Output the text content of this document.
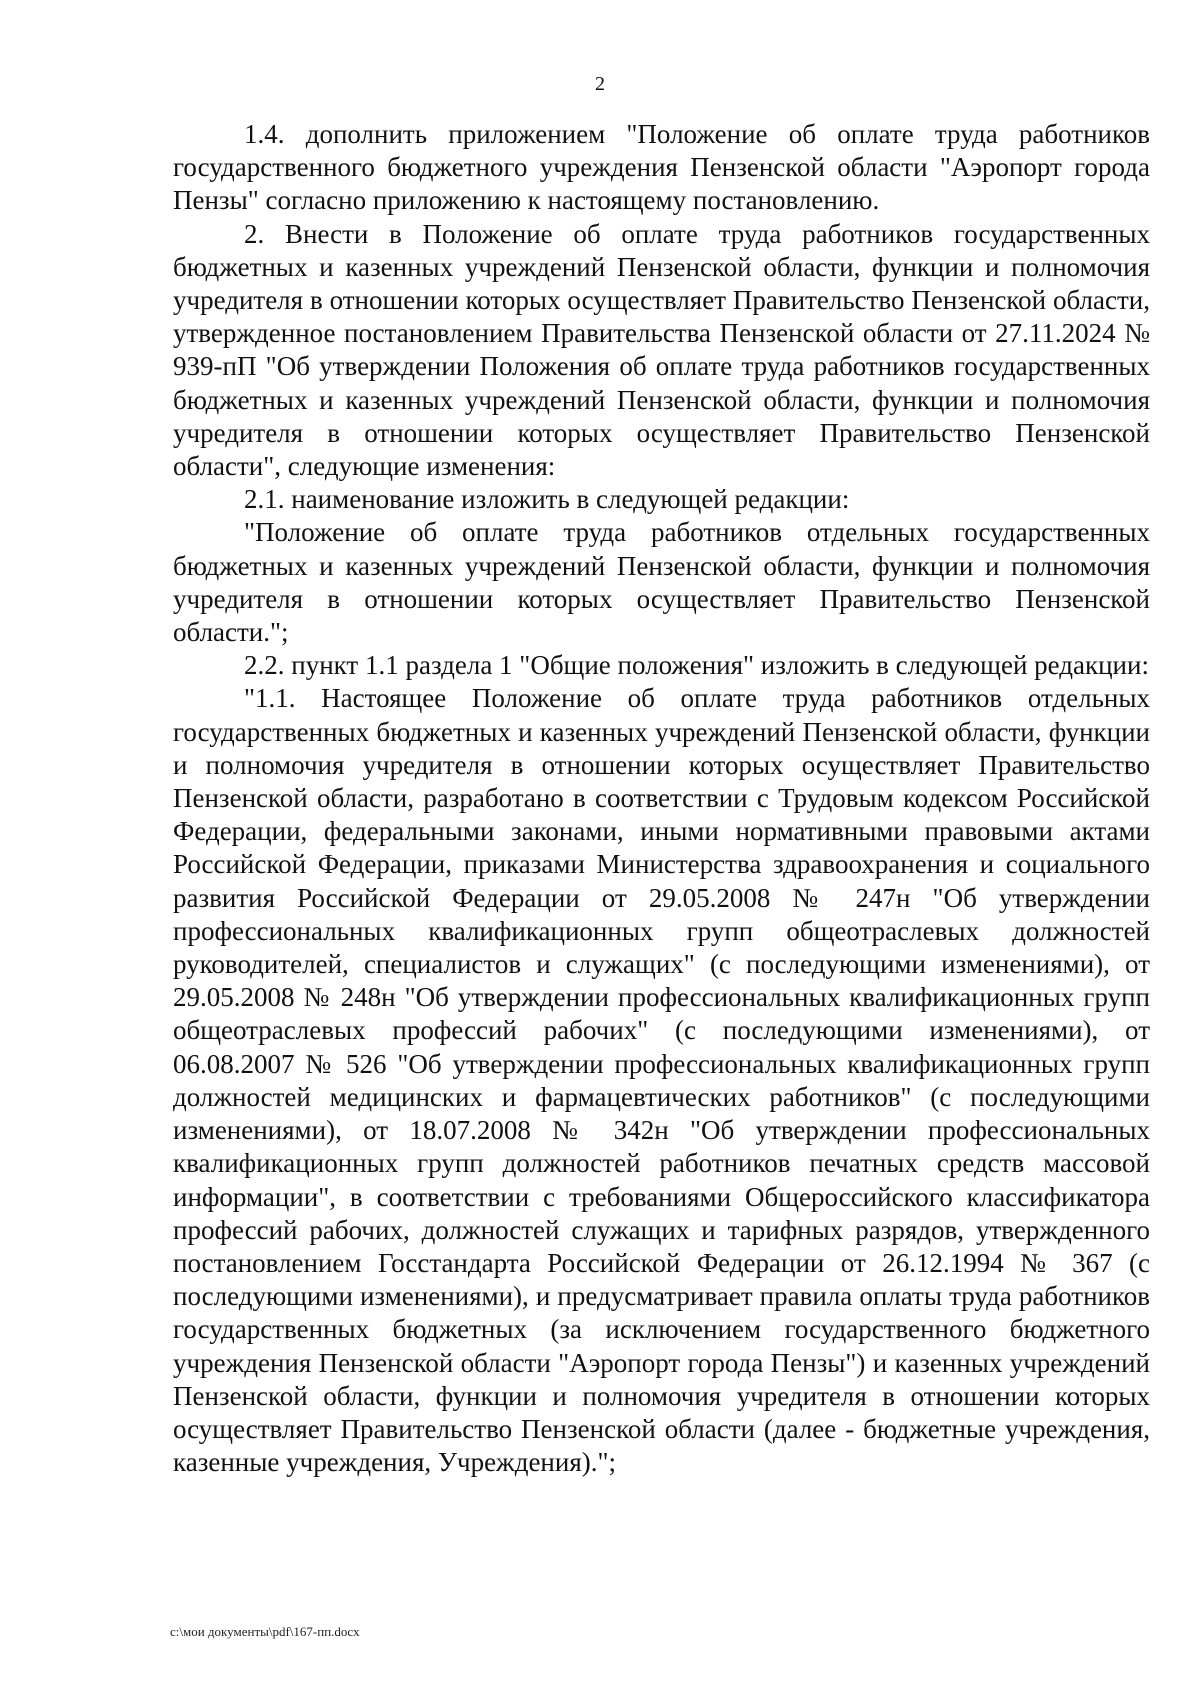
2

1.4. дополнить приложением "Положение об оплате труда работников государственного бюджетного учреждения Пензенской области "Аэропорт города Пензы" согласно приложению к настоящему постановлению.

2. Внести в Положение об оплате труда работников государственных бюджетных и казенных учреждений Пензенской области, функции и полномочия учредителя в отношении которых осуществляет Правительство Пензенской области, утвержденное постановлением Правительства Пензенской области от 27.11.2024 № 939-пП "Об утверждении Положения об оплате труда работников государственных бюджетных и казенных учреждений Пензенской области, функции и полномочия учредителя в отношении которых осуществляет Правительство Пензенской области", следующие изменения:

2.1. наименование изложить в следующей редакции:

"Положение об оплате труда работников отдельных государственных бюджетных и казенных учреждений Пензенской области, функции и полномочия учредителя в отношении которых осуществляет Правительство Пензенской области.";

2.2. пункт 1.1 раздела 1 "Общие положения" изложить в следующей редакции:

"1.1. Настоящее Положение об оплате труда работников отдельных государственных бюджетных и казенных учреждений Пензенской области, функции и полномочия учредителя в отношении которых осуществляет Правительство Пензенской области, разработано в соответствии с Трудовым кодексом Российской Федерации, федеральными законами, иными нормативными правовыми актами Российской Федерации, приказами Министерства здравоохранения и социального развития Российской Федерации от 29.05.2008 № 247н "Об утверждении профессиональных квалификационных групп общеотраслевых должностей руководителей, специалистов и служащих" (с последующими изменениями), от 29.05.2008 № 248н "Об утверждении профессиональных квалификационных групп общеотраслевых профессий рабочих" (с последующими изменениями), от 06.08.2007 № 526 "Об утверждении профессиональных квалификационных групп должностей медицинских и фармацевтических работников" (с последующими изменениями), от 18.07.2008 № 342н "Об утверждении профессиональных квалификационных групп должностей работников печатных средств массовой информации", в соответствии с требованиями Общероссийского классификатора профессий рабочих, должностей служащих и тарифных разрядов, утвержденного постановлением Госстандарта Российской Федерации от 26.12.1994 № 367 (с последующими изменениями), и предусматривает правила оплаты труда работников государственных бюджетных (за исключением государственного бюджетного учреждения Пензенской области "Аэропорт города Пензы") и казенных учреждений Пензенской области, функции и полномочия учредителя в отношении которых осуществляет Правительство Пензенской области (далее - бюджетные учреждения, казенные учреждения, Учреждения).";

c:\мои документы\pdf\167-пп.docx
